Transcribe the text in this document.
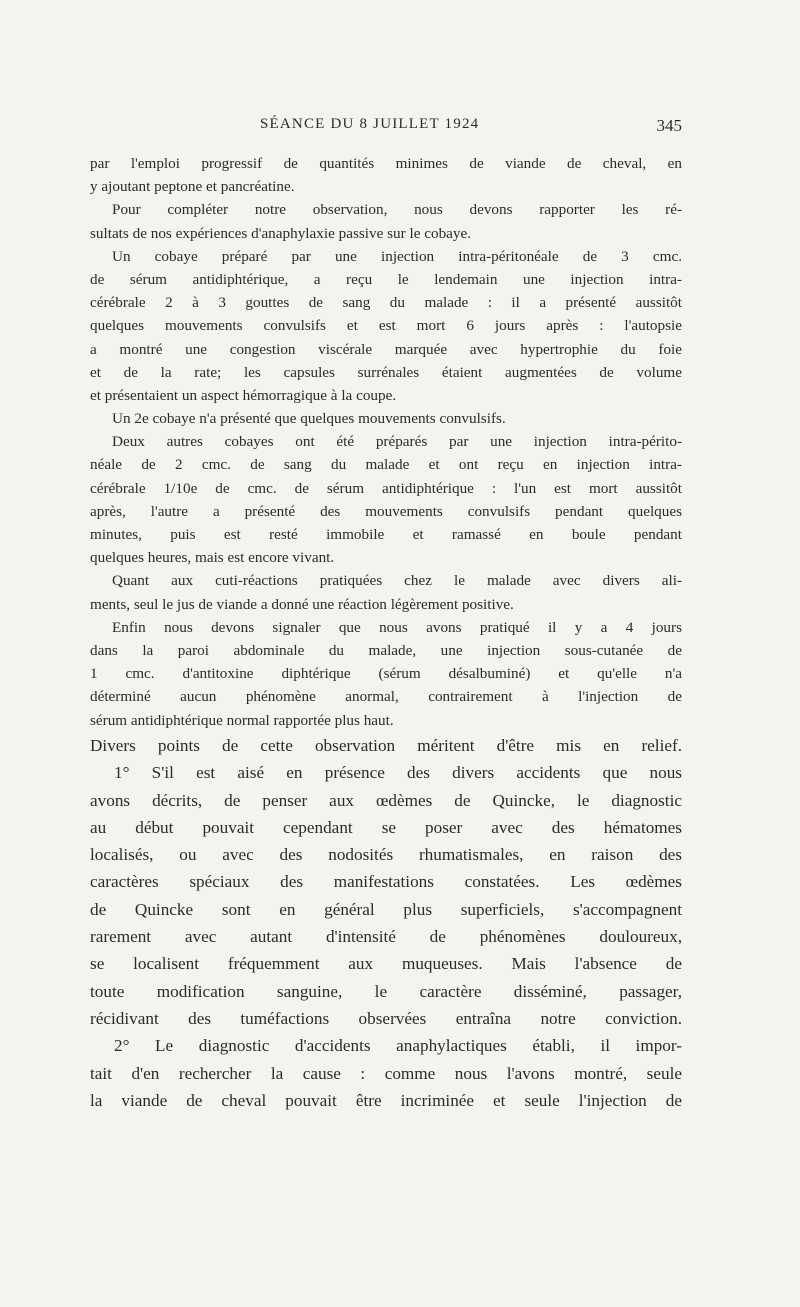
SÉANCE DU 8 JUILLET 1924	345
par l'emploi progressif de quantités minimes de viande de cheval, en
y ajoutant peptone et pancréatine.
Pour compléter notre observation, nous devons rapporter les ré-
sultats de nos expériences d'anaphylaxie passive sur le cobaye.
Un cobaye préparé par une injection intra-péritonéale de 3 cmc.
de sérum antidiphtérique, a reçu le lendemain une injection intra-
cérébrale 2 à 3 gouttes de sang du malade : il a présenté aussitôt
quelques mouvements convulsifs et est mort 6 jours après : l'autopsie
a montré une congestion viscérale marquée avec hypertrophie du foie
et de la rate; les capsules surrénales étaient augmentées de volume
et présentaient un aspect hémorragique à la coupe.
Un 2e cobaye n'a présenté que quelques mouvements convulsifs.
Deux autres cobayes ont été préparés par une injection intra-périto-
néale de 2 cmc. de sang du malade et ont reçu en injection intra-
cérébrale 1/10e de cmc. de sérum antidiphtérique : l'un est mort aussitôt
après, l'autre a présenté des mouvements convulsifs pendant quelques
minutes, puis est resté immobile et ramassé en boule pendant
quelques heures, mais est encore vivant.
Quant aux cuti-réactions pratiquées chez le malade avec divers ali-
ments, seul le jus de viande a donné une réaction légèrement positive.
Enfin nous devons signaler que nous avons pratiqué il y a 4 jours
dans la paroi abdominale du malade, une injection sous-cutanée de
1 cmc. d'antitoxine diphtérique (sérum désalbuminé) et qu'elle n'a
déterminé aucun phénomène anormal, contrairement à l'injection de
sérum antidiphtérique normal rapportée plus haut.
Divers points de cette observation méritent d'être mis en relief.
1° S'il est aisé en présence des divers accidents que nous
avons décrits, de penser aux œdèmes de Quincke, le diagnostic
au début pouvait cependant se poser avec des hématomes
localisés, ou avec des nodosités rhumatismales, en raison des
caractères spéciaux des manifestations constatées. Les œdèmes
de Quincke sont en général plus superficiels, s'accompagnent
rarement avec autant d'intensité de phénomènes douloureux,
se localisent fréquemment aux muqueuses. Mais l'absence de
toute modification sanguine, le caractère disséminé, passager,
récidivant des tuméfactions observées entraîna notre conviction.
2° Le diagnostic d'accidents anaphylactiques établi, il impor-
tait d'en rechercher la cause : comme nous l'avons montré, seule
la viande de cheval pouvait être incriminée et seule l'injection de
